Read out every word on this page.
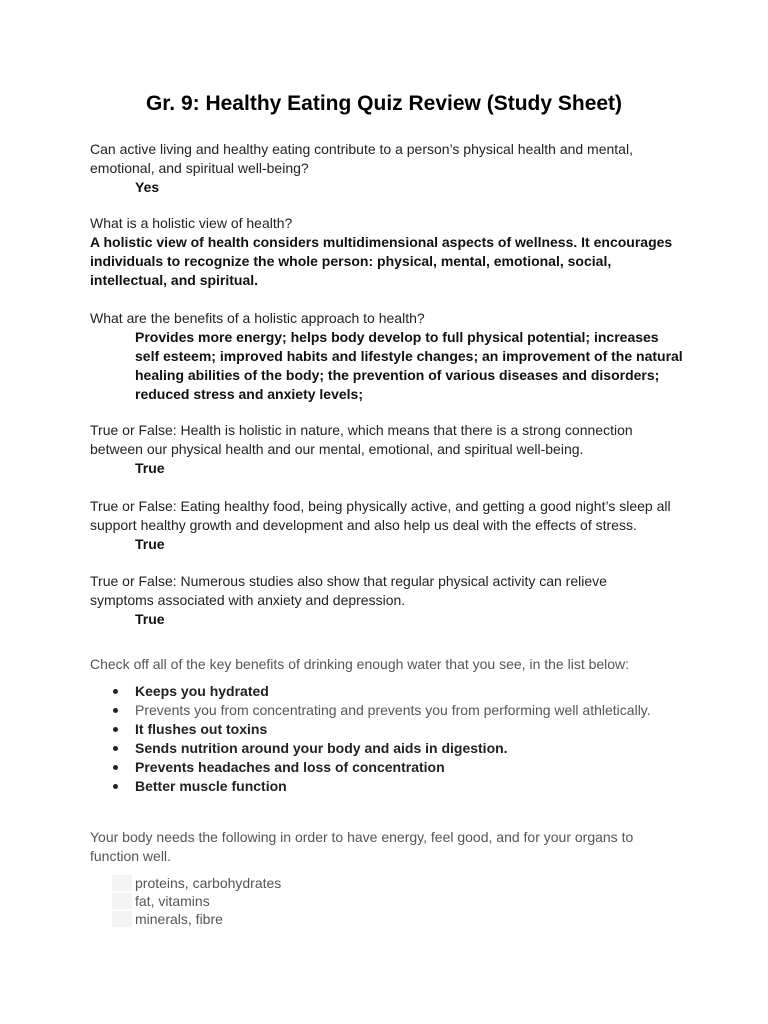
Gr. 9: Healthy Eating Quiz Review (Study Sheet)
Can active living and healthy eating contribute to a person’s physical health and mental, emotional, and spiritual well-being?
Yes
What is a holistic view of health?
A holistic view of health considers multidimensional aspects of wellness. It encourages individuals to recognize the whole person: physical, mental, emotional, social, intellectual, and spiritual.
What are the benefits of a holistic approach to health?
Provides more energy; helps body develop to full physical potential; increases self esteem; improved habits and lifestyle changes; an improvement of the natural healing abilities of the body; the prevention of various diseases and disorders; reduced stress and anxiety levels;
True or False: Health is holistic in nature, which means that there is a strong connection between our physical health and our mental, emotional, and spiritual well-being.
True
True or False: Eating healthy food, being physically active, and getting a good night’s sleep all support healthy growth and development and also help us deal with the effects of stress.
True
True or False: Numerous studies also show that regular physical activity can relieve symptoms associated with anxiety and depression.
True
Check off all of the key benefits of drinking enough water that you see, in the list below:
Keeps you hydrated
Prevents you from concentrating and prevents you from performing well athletically.
It flushes out toxins
Sends nutrition around your body and aids in digestion.
Prevents headaches and loss of concentration
Better muscle function
Your body needs the following in order to have energy, feel good, and for your organs to function well.
proteins, carbohydrates
fat, vitamins
minerals, fibre
